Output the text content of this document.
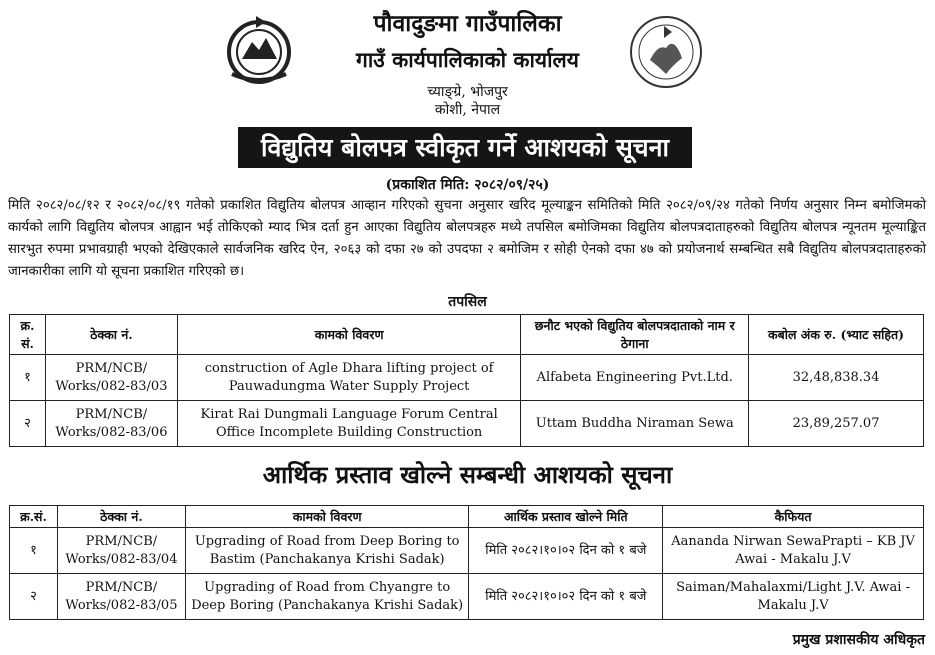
पौवादुङमा गाउँपालिका
गाउँ कार्यपालिकाको कार्यालय
च्याङ्ग्रे, भोजपुर
कोशी, नेपाल
विद्युतिय बोलपत्र स्वीकृत गर्ने आशयको सूचना
(प्रकाशित मिति: २०८२/०९/२५)
मिति २०८२/०८/१२ र २०८२/०८/१९ गतेको प्रकाशित विद्युतिय बोलपत्र आव्हान गरिएको सुचना अनुसार खरिद मूल्याङ्कन समितिको मिति २०८२/०९/२४ गतेको निर्णय अनुसार निम्न बमोजिमको कार्यको लागि विद्युतिय बोलपत्र आह्वान भई तोकिएको म्याद भित्र दर्ता हुन आएका विद्युतिय बोलपत्रहरु मध्ये तपसिल बमोजिमका विद्युतिय बोलपत्रदाताहरुको विद्युतिय बोलपत्र न्यूनतम मूल्याङ्कित सारभुत रुपमा प्रभावग्राही भएको देखिएकाले सार्वजनिक खरिद ऐन, २०६३ को दफा २७ को उपदफा २ बमोजिम र सोही ऐनको दफा ४७ को प्रयोजनार्थ सम्बन्धित सबै विद्युतिय बोलपत्रदाताहरुको जानकारीका लागि यो सूचना प्रकाशित गरिएको छ।
तपसिल
क्र. सं.	ठेक्का नं.	कामको विवरण	छनौट भएको विद्युतिय बोलपत्रदाताको नाम र ठेगाना	कबोल अंक रु. (भ्याट सहित)
१	PRM/NCB/ Works/082-83/03	construction of Agle Dhara lifting project of Pauwadungma Water Supply Project	Alfabeta Engineering Pvt.Ltd.	32,48,838.34
२	PRM/NCB/ Works/082-83/06	Kirat Rai Dungmali Language Forum Central Office Incomplete Building Construction	Uttam Buddha Niraman Sewa	23,89,257.07
आर्थिक प्रस्ताव खोल्ने सम्बन्धी आशयको सूचना
क्र.सं.	ठेक्का नं.	कामको विवरण	आर्थिक प्रस्ताव खोल्ने मिति	कैफियत
१	PRM/NCB/ Works/082-83/04	Upgrading of Road from Deep Boring to Bastim (Panchakanya Krishi Sadak)	मिति २०८२।१०।०२ दिन को १ बजे	Aananda Nirwan SewaPrapti – KB JV Awai - Makalu J.V
२	PRM/NCB/ Works/082-83/05	Upgrading of Road from Chyangre to Deep Boring (Panchakanya Krishi Sadak)	मिति २०८२।१०।०२ दिन को १ बजे	Saiman/Mahalaxmi/Light J.V. Awai - Makalu J.V
प्रमुख प्रशासकीय अधिकृत
